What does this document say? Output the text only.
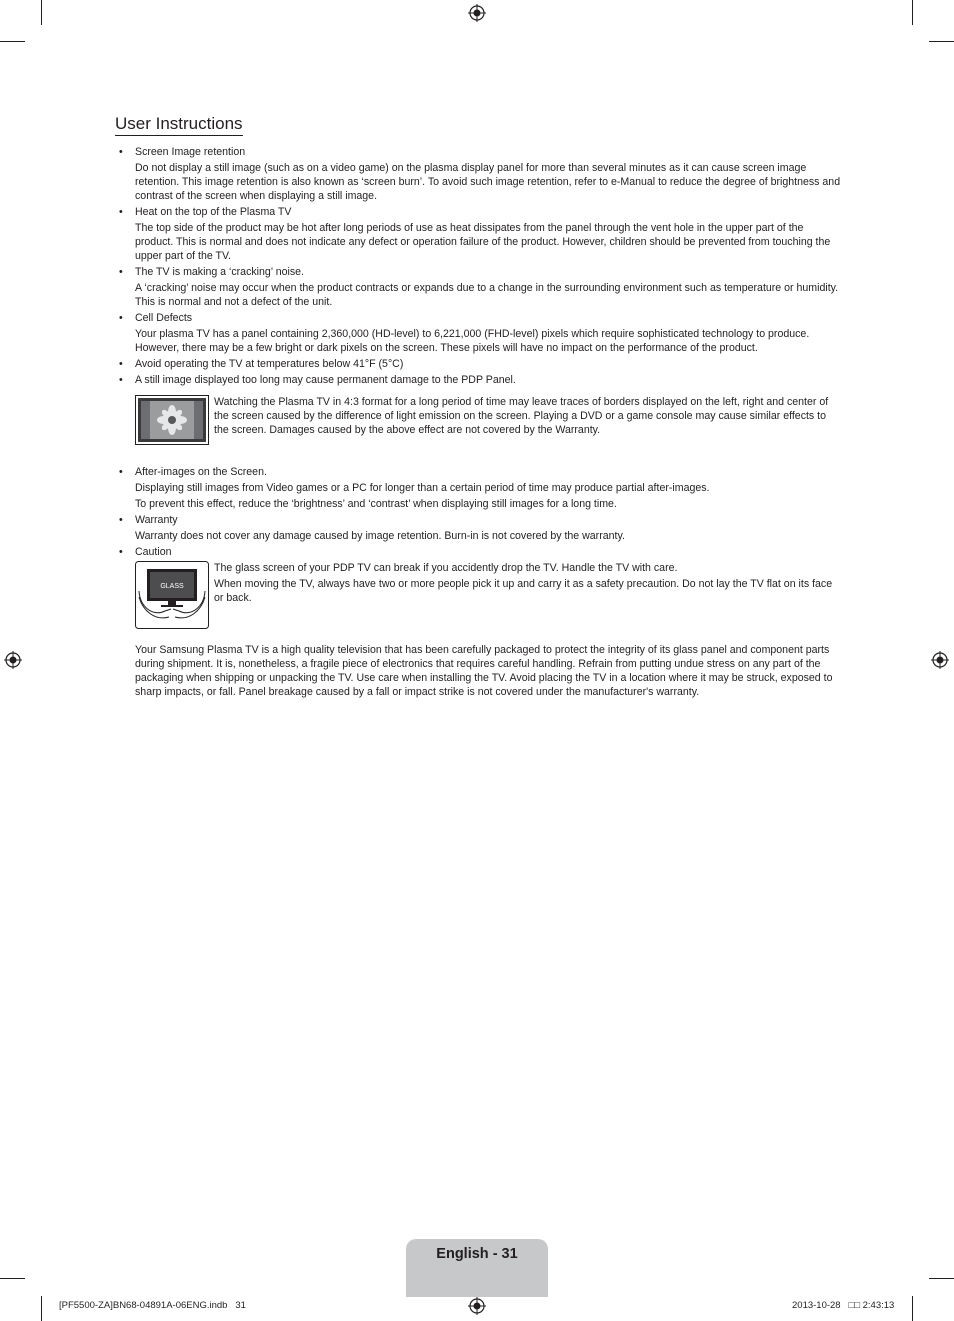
User Instructions

• Screen Image retention

Do not display a still image (such as on a video game) on the plasma display panel for more than several minutes as it can cause screen image retention. This image retention is also known as ‘screen burn’. To avoid such image retention, refer to e-Manual to reduce the degree of brightness and contrast of the screen when displaying a still image.

• Heat on the top of the Plasma TV

The top side of the product may be hot after long periods of use as heat dissipates from the panel through the vent hole in the upper part of the product. This is normal and does not indicate any defect or operation failure of the product. However, children should be prevented from touching the upper part of the TV.

• The TV is making a ‘cracking’ noise.

A ‘cracking’ noise may occur when the product contracts or expands due to a change in the surrounding environment such as temperature or humidity. This is normal and not a defect of the unit.

• Cell Defects

Your plasma TV has a panel containing 2,360,000 (HD-level) to 6,221,000 (FHD-level) pixels which require sophisticated technology to produce. However, there may be a few bright or dark pixels on the screen. These pixels will have no impact on the performance of the product.

• Avoid operating the TV at temperatures below 41°F (5°C)

• A still image displayed too long may cause permanent damage to the PDP Panel.

Watching the Plasma TV in 4:3 format for a long period of time may leave traces of borders displayed on the left, right and center of the screen caused by the difference of light emission on the screen. Playing a DVD or a game console may cause similar effects to the screen. Damages caused by the above effect are not covered by the Warranty.

• After-images on the Screen.

Displaying still images from Video games or a PC for longer than a certain period of time may produce partial after-images.

To prevent this effect, reduce the ‘brightness’ and ‘contrast’ when displaying still images for a long time.

• Warranty

Warranty does not cover any damage caused by image retention. Burn-in is not covered by the warranty.

• Caution

GLASS

The glass screen of your PDP TV can break if you accidently drop the TV. Handle the TV with care.

When moving the TV, always have two or more people pick it up and carry it as a safety precaution. Do not lay the TV flat on its face or back.

Your Samsung Plasma TV is a high quality television that has been carefully packaged to protect the integrity of its glass panel and component parts during shipment. It is, nonetheless, a fragile piece of electronics that requires careful handling. Refrain from putting undue stress on any part of the packaging when shipping or unpacking the TV. Use care when installing the TV. Avoid placing the TV in a location where it may be struck, exposed to sharp impacts, or fall. Panel breakage caused by a fall or impact strike is not covered under the manufacturer's warranty.

English - 31
[PF5500-ZA]BN68-04891A-06ENG.indb   31	2013-10-28   □□ 2:43:13
